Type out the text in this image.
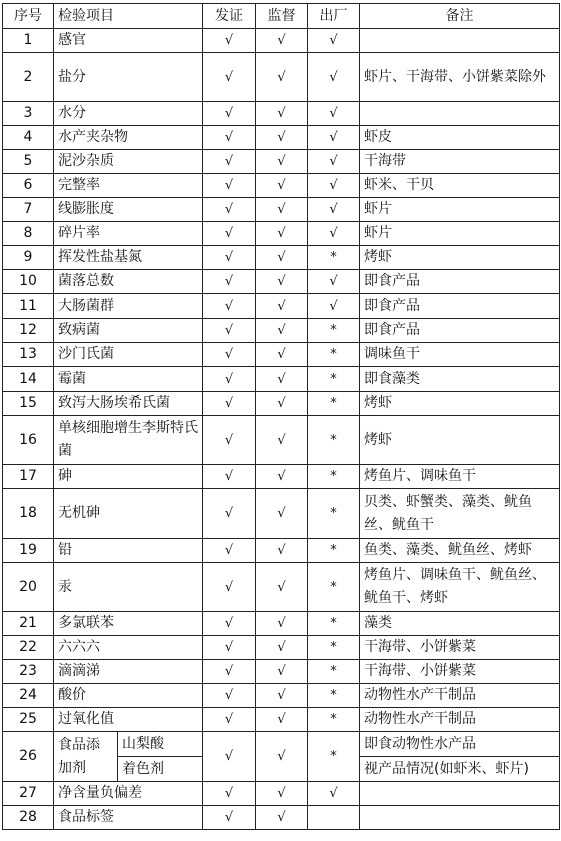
序号	检验项目		发证	监督	出厂	备注
1	感官		√	√	√	
2	盐分		√	√	√	虾片、干海带、小饼紫菜除外
3	水分		√	√	√	
4	水产夹杂物		√	√	√	虾皮
5	泥沙杂质		√	√	√	干海带
6	完整率		√	√	√	虾米、干贝
7	线膨胀度		√	√	√	虾片
8	碎片率		√	√	√	虾片
9	挥发性盐基氮		√	√	*	烤虾
10	菌落总数		√	√	√	即食产品
11	大肠菌群		√	√	√	即食产品
12	致病菌		√	√	*	即食产品
13	沙门氏菌		√	√	*	调味鱼干
14	霉菌		√	√	*	即食藻类
15	致泻大肠埃希氏菌		√	√	*	烤虾
16	单核细胞增生李斯特氏菌		√	√	*	烤虾
17	砷		√	√	*	烤鱼片、调味鱼干
18	无机砷		√	√	*	贝类、虾蟹类、藻类、鱿鱼丝、鱿鱼干
19	铅		√	√	*	鱼类、藻类、鱿鱼丝、烤虾
20	汞		√	√	*	烤鱼片、调味鱼干、鱿鱼丝、鱿鱼干、烤虾
21	多氯联苯		√	√	*	藻类
22	六六六		√	√	*	干海带、小饼紫菜
23	滴滴涕		√	√	*	干海带、小饼紫菜
24	酸价		√	√	*	动物性水产干制品
25	过氧化值		√	√	*	动物性水产干制品
26	食品添加剂	山梨酸	√	√	*	即食动物性水产品
		着色剂				视产品情况(如虾米、虾片)
27	净含量负偏差		√	√	√	
28	食品标签		√	√		
